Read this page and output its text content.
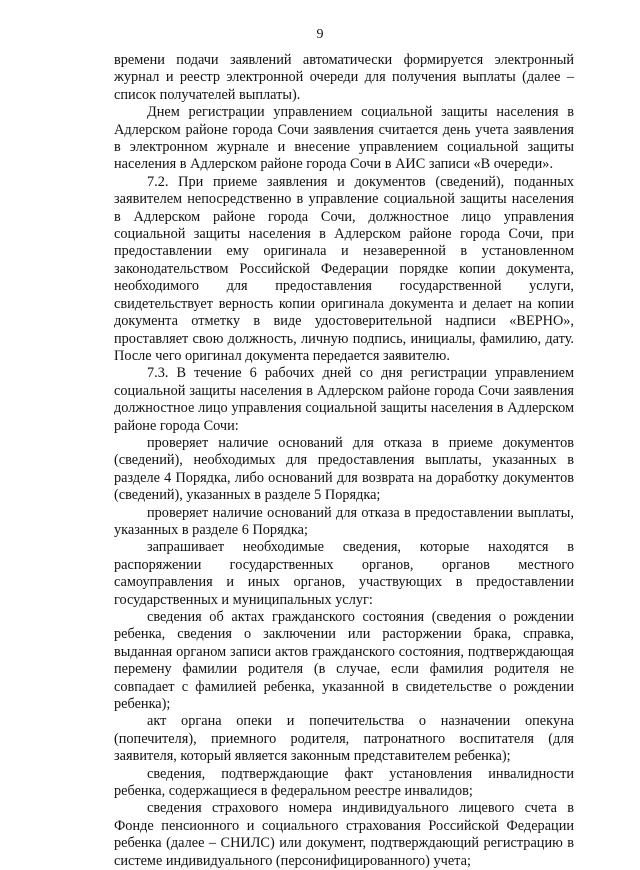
9

времени подачи заявлений автоматически формируется электронный журнал и реестр электронной очереди для получения выплаты (далее – список получателей выплаты).

Днем регистрации управлением социальной защиты населения в Адлерском районе города Сочи заявления считается день учета заявления в электронном журнале и внесение управлением социальной защиты населения в Адлерском районе города Сочи в АИС записи «В очереди».

7.2. При приеме заявления и документов (сведений), поданных заявителем непосредственно в управление социальной защиты населения в Адлерском районе города Сочи, должностное лицо управления социальной защиты населения в Адлерском районе города Сочи, при предоставлении ему оригинала и незаверенной в установленном законодательством Российской Федерации порядке копии документа, необходимого для предоставления государственной услуги, свидетельствует верность копии оригинала документа и делает на копии документа отметку в виде удостоверительной надписи «ВЕРНО», проставляет свою должность, личную подпись, инициалы, фамилию, дату. После чего оригинал документа передается заявителю.

7.3. В течение 6 рабочих дней со дня регистрации управлением социальной защиты населения в Адлерском районе города Сочи заявления должностное лицо управления социальной защиты населения в Адлерском районе города Сочи:

проверяет наличие оснований для отказа в приеме документов (сведений), необходимых для предоставления выплаты, указанных в разделе 4 Порядка, либо оснований для возврата на доработку документов (сведений), указанных в разделе 5 Порядка;

проверяет наличие оснований для отказа в предоставлении выплаты, указанных в разделе 6 Порядка;

запрашивает необходимые сведения, которые находятся в распоряжении государственных органов, органов местного самоуправления и иных органов, участвующих в предоставлении государственных и муниципальных услуг:

сведения об актах гражданского состояния (сведения о рождении ребенка, сведения о заключении или расторжении брака, справка, выданная органом записи актов гражданского состояния, подтверждающая перемену фамилии родителя (в случае, если фамилия родителя не совпадает с фамилией ребенка, указанной в свидетельстве о рождении ребенка);

акт органа опеки и попечительства о назначении опекуна (попечителя), приемного родителя, патронатного воспитателя (для заявителя, который является законным представителем ребенка);

сведения, подтверждающие факт установления инвалидности ребенка, содержащиеся в федеральном реестре инвалидов;

сведения страхового номера индивидуального лицевого счета в Фонде пенсионного и социального страхования Российской Федерации ребенка (далее – СНИЛС) или документ, подтверждающий регистрацию в системе индивидуального (персонифицированного) учета;
